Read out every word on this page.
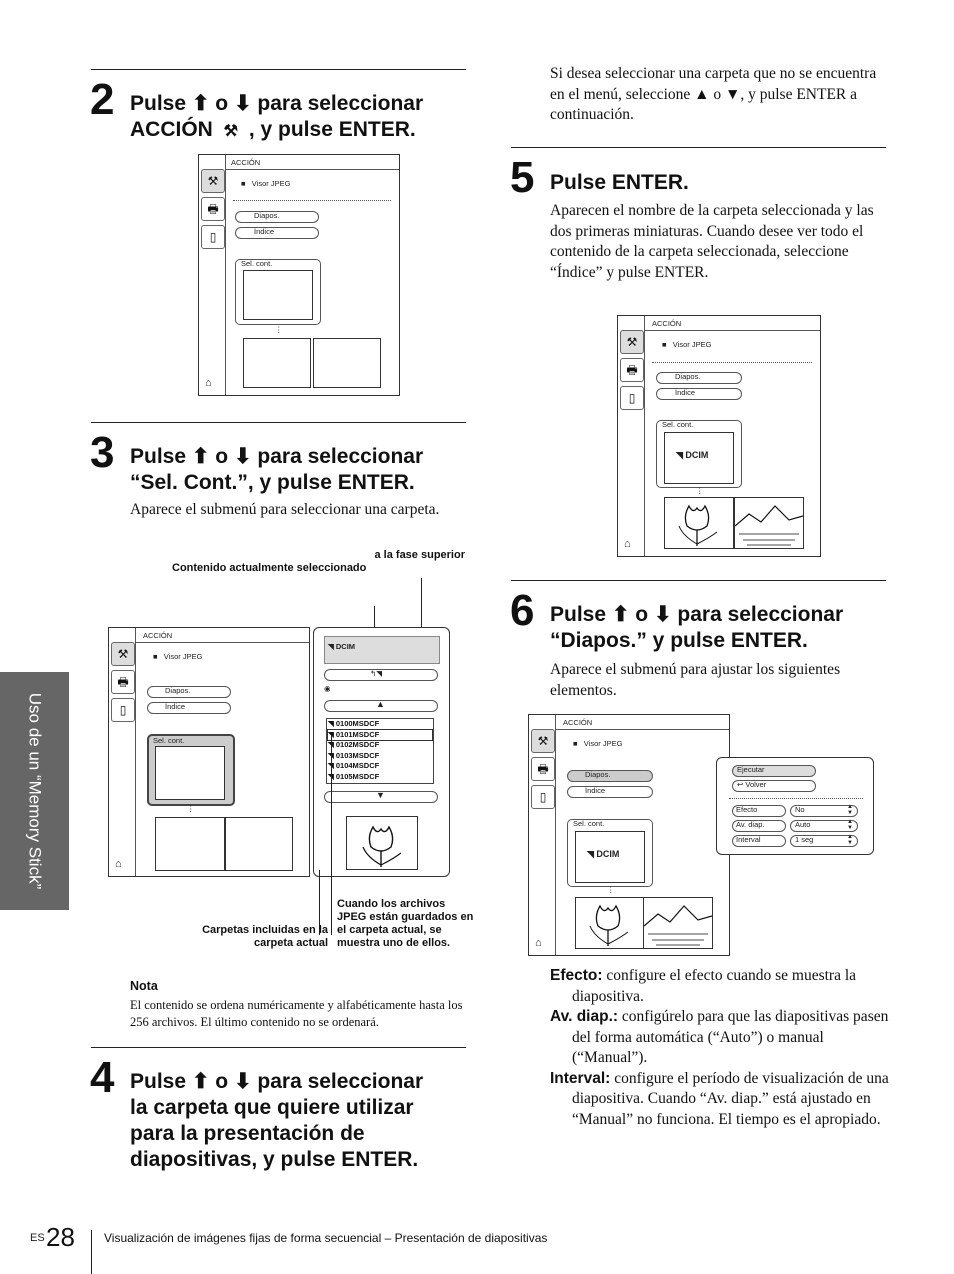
Uso de un “Memory Stick”
2 Pulse ⬆ o ⬇ para seleccionar
ACCIÓN ⚒ , y pulse ENTER.
⚒
🖶
▯
⌂
ACCIÓN
■   Visor JPEG
Diapos.
Índice
Sel. cont.
⋮
3 Pulse ⬆ o ⬇ para seleccionar
“Sel. Cont.”, y pulse ENTER.
Aparece el submenú para seleccionar una carpeta.
a la fase superior
Contenido actualmente seleccionado
⚒
🖶
▯
⌂
ACCIÓN
■   Visor JPEG
Diapos.
Índice
Sel. cont.
⋮
◥ DCIM
↰◥
◉
▲
◥ 0100MSDCF
◥ 0101MSDCF
◥ 0102MSDCF
◥ 0103MSDCF
◥ 0104MSDCF
◥ 0105MSDCF
▼
Carpetas incluidas en la carpeta actual
Cuando los archivos JPEG están guardados en el carpeta actual, se muestra uno de ellos.
Nota
El contenido se ordena numéricamente y alfabéticamente hasta los 256 archivos. El último contenido no se ordenará.
4 Pulse ⬆ o ⬇ para seleccionar
la carpeta que quiere utilizar
para la presentación de
diapositivas, y pulse ENTER.
Si desea seleccionar una carpeta que no se encuentra en el menú, seleccione ▲ o ▼, y pulse ENTER a continuación.
5 Pulse ENTER.
Aparecen el nombre de la carpeta seleccionada y las dos primeras miniaturas. Cuando desee ver todo el contenido de la carpeta seleccionada, seleccione “Índice” y pulse ENTER.
⚒
🖶
▯
⌂
ACCIÓN
■   Visor JPEG
Diapos.
Índice
Sel. cont.
◥ DCIM
⋮
6 Pulse ⬆ o ⬇ para seleccionar
“Diapos.” y pulse ENTER.
Aparece el submenú para ajustar los siguientes elementos.
⚒
🖶
▯
⌂
ACCIÓN
■   Visor JPEG
Diapos.
Índice
Sel. cont.
◥ DCIM
⋮
Ejecutar
↩ Volver
Efecto	No	▲
▼
Av. diap.	Auto	▲
▼
Interval	1 seg	▲
▼
Efecto: configure el efecto cuando se muestra la diapositiva.
Av. diap.: configúrelo para que las diapositivas pasen del forma automática (“Auto”) o manual (“Manual”).
Interval: configure el período de visualización de una diapositiva. Cuando “Av. diap.” está ajustado en “Manual” no funciona. El tiempo es el apropiado.
ES 28 Visualización de imágenes fijas de forma secuencial – Presentación de diapositivas
